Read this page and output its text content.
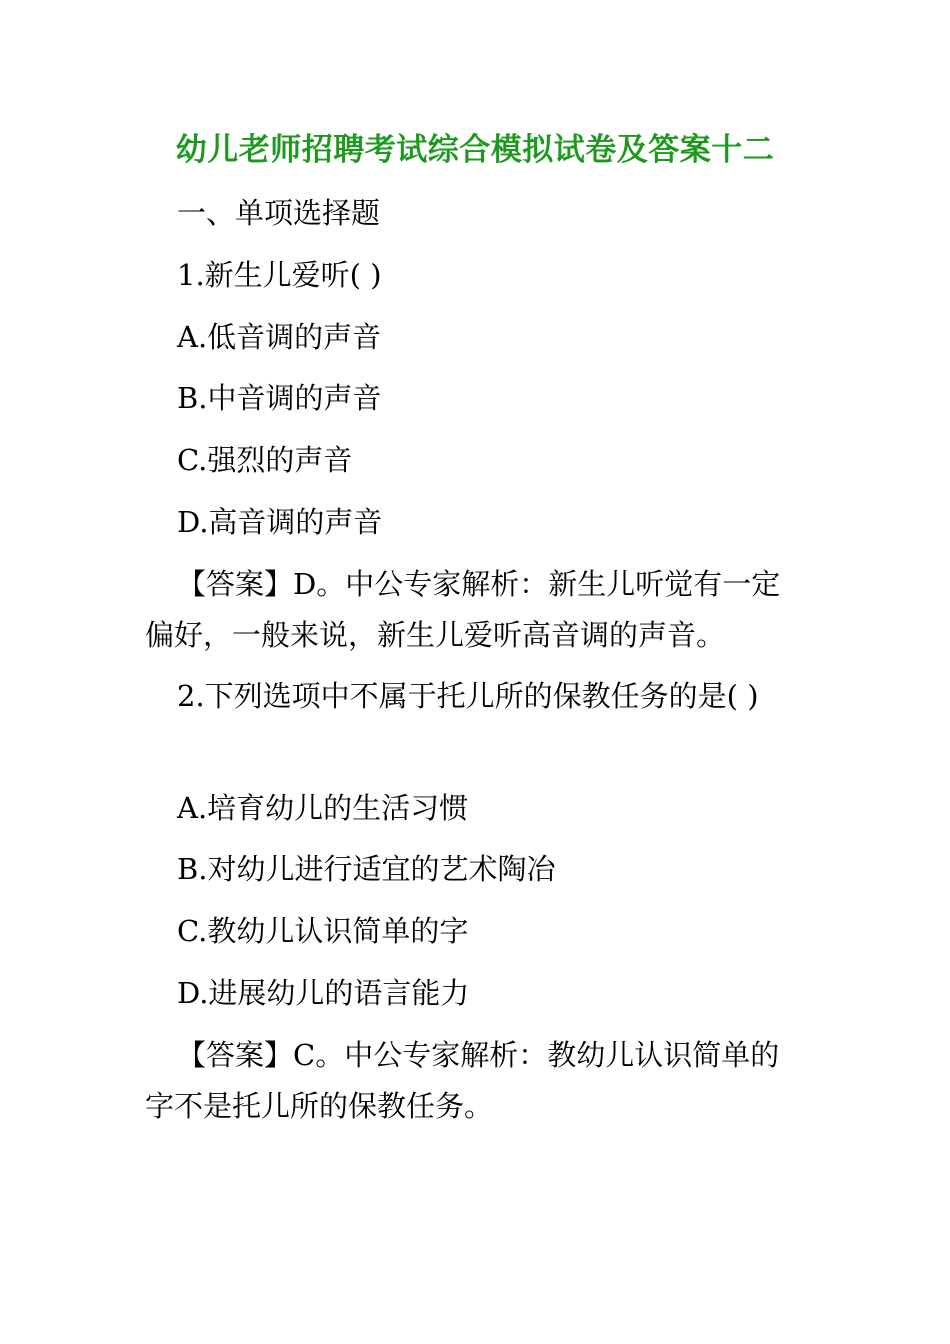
幼儿老师招聘考试综合模拟试卷及答案十二
一、单项选择题
1.新生儿爱听( )
A.低音调的声音
B.中音调的声音
C.强烈的声音
D.高音调的声音
【答案】D。中公专家解析：新生儿听觉有一定偏好，一般来说，新生儿爱听高音调的声音。
2.下列选项中不属于托儿所的保教任务的是( )
A.培育幼儿的生活习惯
B.对幼儿进行适宜的艺术陶冶
C.教幼儿认识简单的字
D.进展幼儿的语言能力
【答案】C。中公专家解析：教幼儿认识简单的字不是托儿所的保教任务。
